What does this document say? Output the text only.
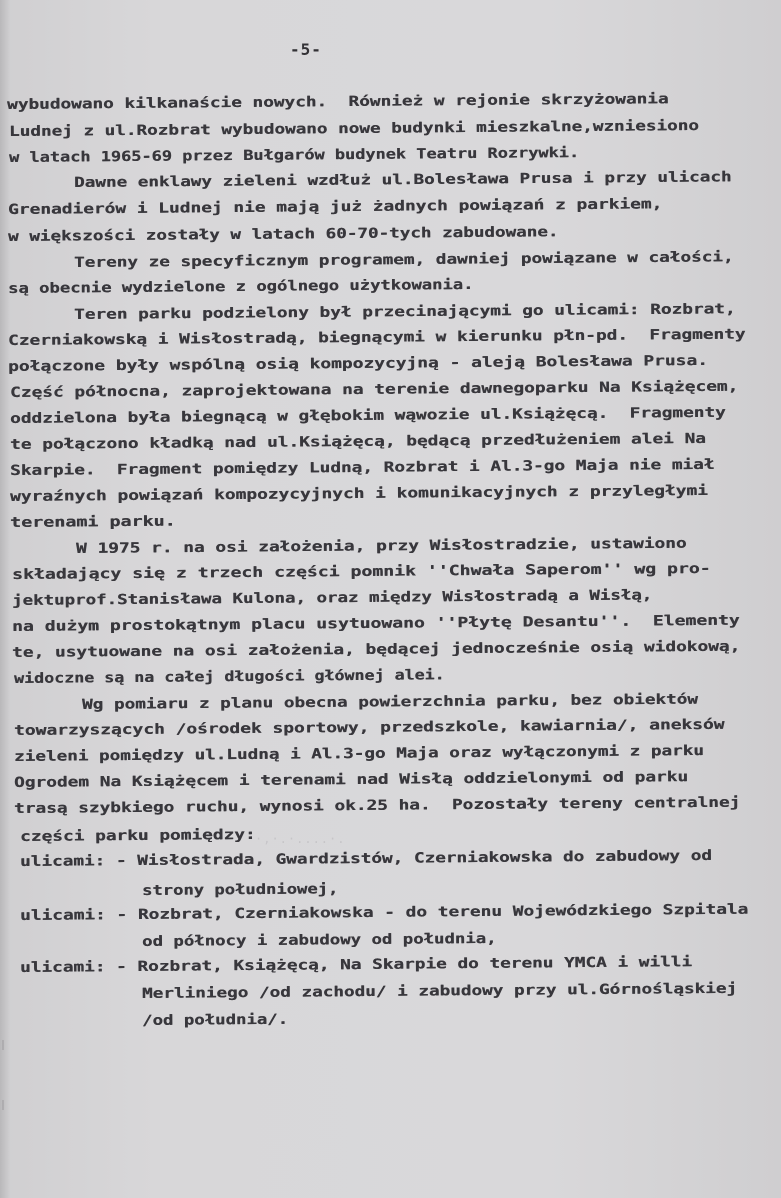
-5-
wybudowano kilkanaście nowych.  Również w rejonie skrzyżowania
Ludnej z ul.Rozbrat wybudowano nowe budynki mieszkalne,wzniesiono
w latach 1965-69 przez Bułgarów budynek Teatru Rozrywki.
Dawne enklawy zieleni wzdłuż ul.Bolesława Prusa i przy ulicach
Grenadierów i Ludnej nie mają już żadnych powiązań z parkiem,
w większości zostały w latach 60-70-tych zabudowane.
Tereny ze specyficznym programem, dawniej powiązane w całości,
są obecnie wydzielone z ogólnego użytkowania.
Teren parku podzielony był przecinającymi go ulicami: Rozbrat,
Czerniakowską i Wisłostradą, biegnącymi w kierunku płn-pd.  Fragmenty
połączone były wspólną osią kompozycyjną - aleją Bolesława Prusa.
Część północna, zaprojektowana na terenie dawnegoparku Na Książęcem,
oddzielona była biegnącą w głębokim wąwozie ul.Książęcą.  Fragmenty
te połączono kładką nad ul.Książęcą, będącą przedłużeniem alei Na
Skarpie.  Fragment pomiędzy Ludną, Rozbrat i Al.3-go Maja nie miał
wyraźnych powiązań kompozycyjnych i komunikacyjnych z przyległymi
terenami parku.
W 1975 r. na osi założenia, przy Wisłostradzie, ustawiono
składający się z trzech części pomnik ''Chwała Saperom'' wg pro-
jektuprof.Stanisława Kulona, oraz między Wisłostradą a Wisłą,
na dużym prostokątnym placu usytuowano ''Płytę Desantu''.  Elementy
te, usytuowane na osi założenia, będącej jednocześnie osią widokową,
widoczne są na całej długości głównej alei.
Wg pomiaru z planu obecna powierzchnia parku, bez obiektów
towarzyszących /ośrodek sportowy, przedszkole, kawiarnia/, aneksów
zieleni pomiędzy ul.Ludną i Al.3-go Maja oraz wyłączonymi z parku
Ogrodem Na Książęcem i terenami nad Wisłą oddzielonymi od parku
trasą szybkiego ruchu, wynosi ok.25 ha.  Pozostały tereny centralnej
części parku pomiędzy: ·,·.·....·.
ulicami: - Wisłostrada, Gwardzistów, Czerniakowska do zabudowy od
strony południowej,
ulicami: - Rozbrat, Czerniakowska - do terenu Wojewódzkiego Szpitala
od północy i zabudowy od południa,
ulicami: - Rozbrat, Książęcą, Na Skarpie do terenu YMCA i willi
Merliniego /od zachodu/ i zabudowy przy ul.Górnośląskiej
/od południa/.
